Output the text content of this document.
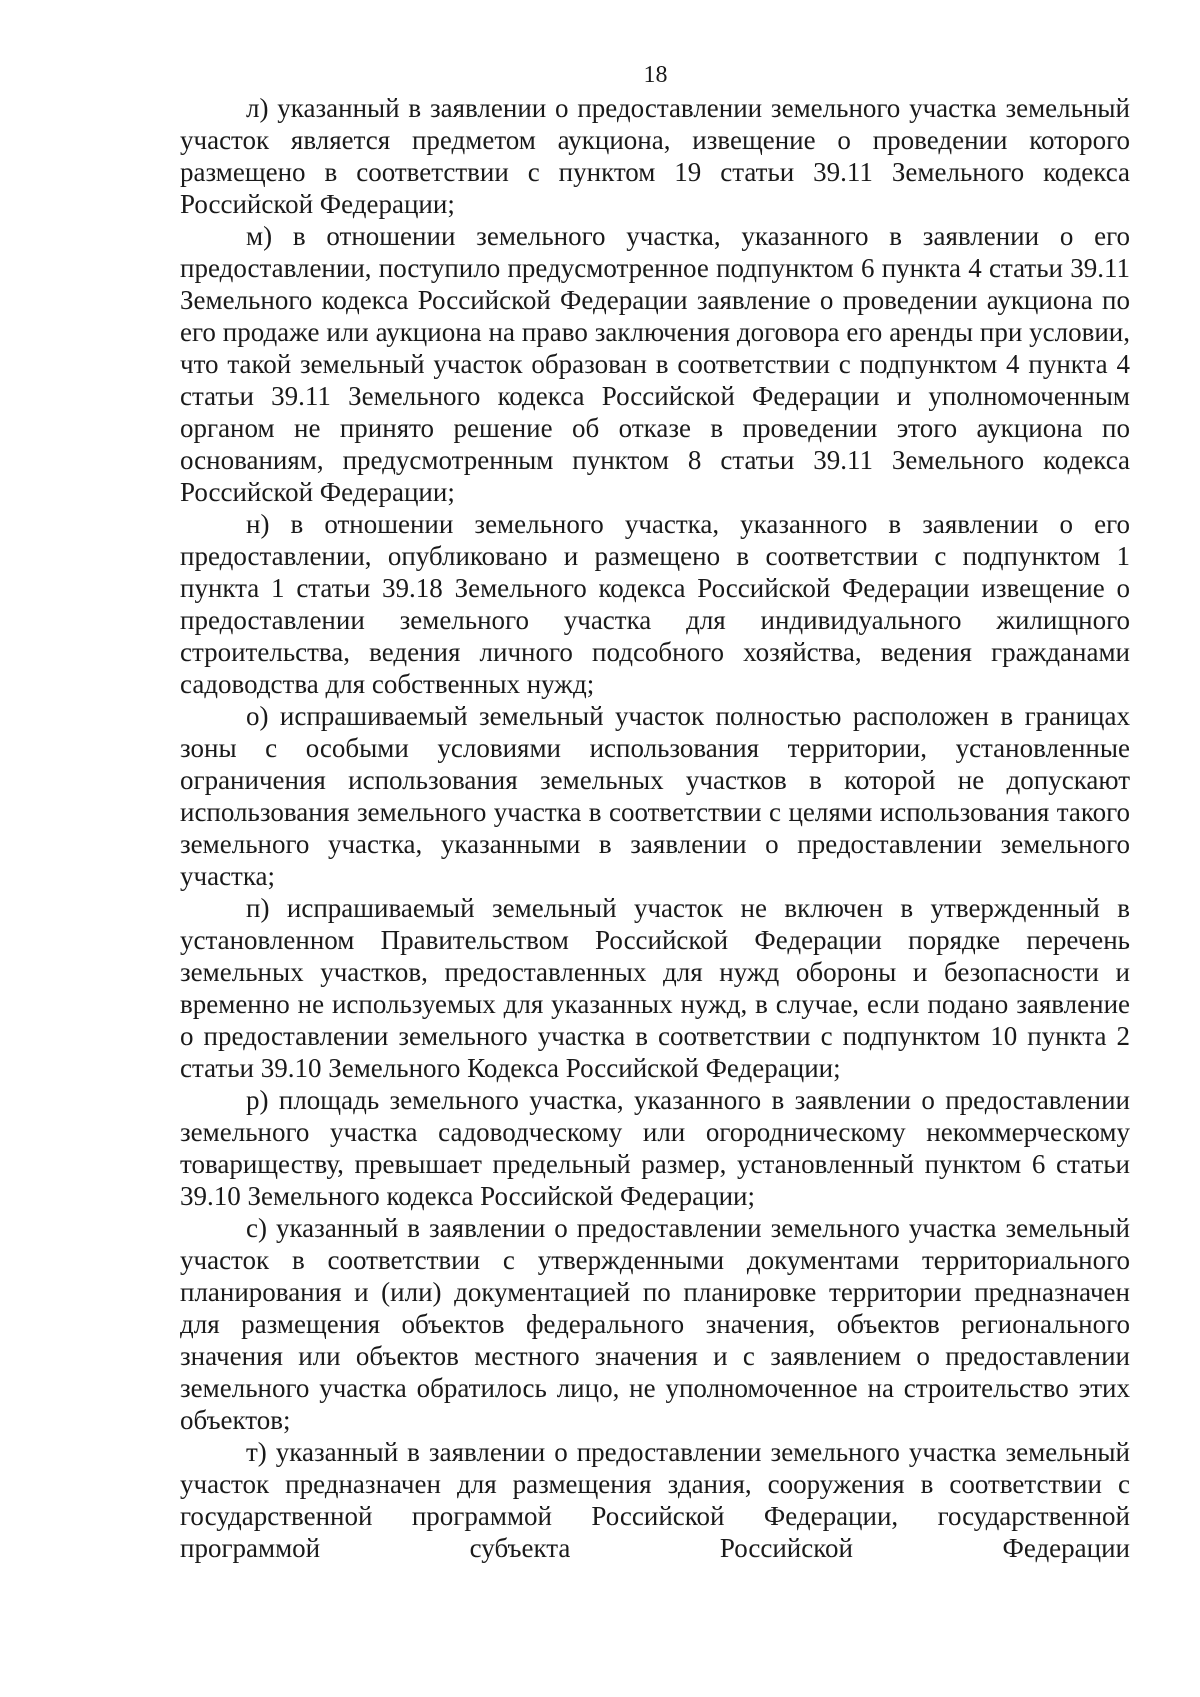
18

л) указанный в заявлении о предоставлении земельного участка земельный участок является предметом аукциона, извещение о проведении которого размещено в соответствии с пунктом 19 статьи 39.11 Земельного кодекса Российской Федерации;

м) в отношении земельного участка, указанного в заявлении о его предоставлении, поступило предусмотренное подпунктом 6 пункта 4 статьи 39.11 Земельного кодекса Российской Федерации заявление о проведении аукциона по его продаже или аукциона на право заключения договора его аренды при условии, что такой земельный участок образован в соответствии с подпунктом 4 пункта 4 статьи 39.11 Земельного кодекса Российской Федерации и уполномоченным органом не принято решение об отказе в проведении этого аукциона по основаниям, предусмотренным пунктом 8 статьи 39.11 Земельного кодекса Российской Федерации;

н) в отношении земельного участка, указанного в заявлении о его предоставлении, опубликовано и размещено в соответствии с подпунктом 1 пункта 1 статьи 39.18 Земельного кодекса Российской Федерации извещение о предоставлении земельного участка для индивидуального жилищного строительства, ведения личного подсобного хозяйства, ведения гражданами садоводства для собственных нужд;

о) испрашиваемый земельный участок полностью расположен в границах зоны с особыми условиями использования территории, установленные ограничения использования земельных участков в которой не допускают использования земельного участка в соответствии с целями использования такого земельного участка, указанными в заявлении о предоставлении земельного участка;

п) испрашиваемый земельный участок не включен в утвержденный в установленном Правительством Российской Федерации порядке перечень земельных участков, предоставленных для нужд обороны и безопасности и временно не используемых для указанных нужд, в случае, если подано заявление о предоставлении земельного участка в соответствии с подпунктом 10 пункта 2 статьи 39.10 Земельного Кодекса Российской Федерации;

р) площадь земельного участка, указанного в заявлении о предоставлении земельного участка садоводческому или огородническому некоммерческому товариществу, превышает предельный размер, установленный пунктом 6 статьи 39.10 Земельного кодекса Российской Федерации;

с) указанный в заявлении о предоставлении земельного участка земельный участок в соответствии с утвержденными документами территориального планирования и (или) документацией по планировке территории предназначен для размещения объектов федерального значения, объектов регионального значения или объектов местного значения и с заявлением о предоставлении земельного участка обратилось лицо, не уполномоченное на строительство этих объектов;

т) указанный в заявлении о предоставлении земельного участка земельный участок предназначен для размещения здания, сооружения в соответствии с государственной программой Российской Федерации, государственной программой субъекта Российской Федерации
